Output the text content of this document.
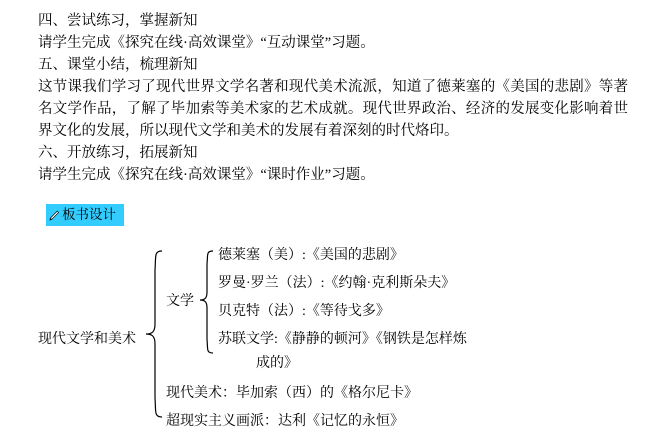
四、尝试练习，掌握新知

请学生完成《探究在线·高效课堂》“互动课堂”习题。

五、课堂小结，梳理新知

这节课我们学习了现代世界文学名著和现代美术流派，知道了德莱塞的《美国的悲剧》等著名文学作品，了解了毕加索等美术家的艺术成就。现代世界政治、经济的发展变化影响着世界文化的发展，所以现代文学和美术的发展有着深刻的时代烙印。

六、开放练习，拓展新知

请学生完成《探究在线·高效课堂》“课时作业”习题。

板书设计
现代文学和美术
文学
德莱塞（美）:《美国的悲剧》
罗曼·罗兰（法）:《约翰·克利斯朵夫》
贝克特（法）:《等待戈多》
苏联文学:《静静的顿河》《钢铁是怎样炼
成的》
现代美术：毕加索（西）的《格尔尼卡》
超现实主义画派：达利《记忆的永恒》
